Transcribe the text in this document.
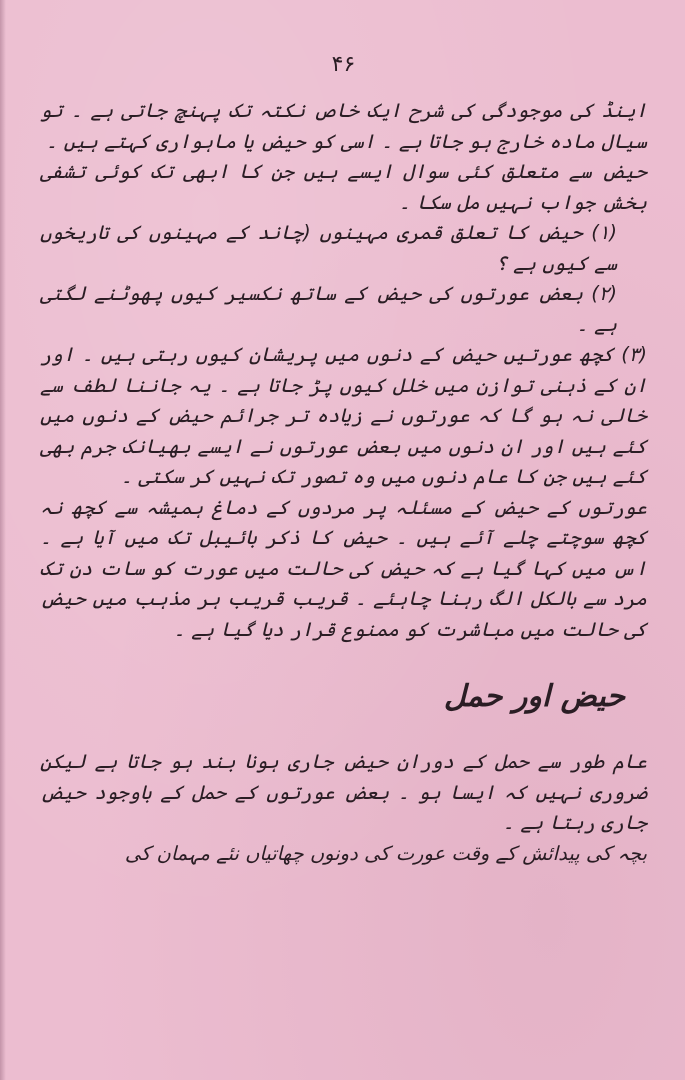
۴۶

اینڈ کی موجودگی کی شرح ایک خاص نکتہ تک پہنچ جاتی ہے ۔ تو سیال مادہ خارج ہو جاتا ہے ۔ اسی کو حیض یا ماہواری کہتے ہیں ۔

حیض سے متعلق کئی سوال ایسے ہیں جن کا ابھی تک کوئی تشفی بخش جواب نہیں مل سکا ۔

(۱) حیض کا تعلق قمری مہینوں (چاند کے مہینوں کی تاریخوں سے کیوں ہے ؟

(۲) بعض عورتوں کی حیض کے ساتھ نکسیر کیوں پھوٹنے لگتی ہے ۔

(۳) کچھ عورتیں حیض کے دنوں میں پریشان کیوں رہتی ہیں ۔ اور ان کے ذہنی توازن میں خلل کیوں پڑ جاتا ہے ۔ یہ جاننا لطف سے خالی نہ ہو گا کہ عورتوں نے زیادہ تر جرائم حیض کے دنوں میں کئے ہیں اور ان دنوں میں بعض عورتوں نے ایسے بھیانک جرم بھی کئے ہیں جن کا عام دنوں میں وہ تصور تک نہیں کر سکتی ۔

عورتوں کے حیض کے مسئلہ پر مردوں کے دماغ ہمیشہ سے کچھ نہ کچھ سوچتے چلے آئے ہیں ۔ حیض کا ذکر بائیبل تک میں آیا ہے ۔ اس میں کہا گیا ہے کہ حیض کی حالت میں عورت کو سات دن تک مرد سے بالکل الگ رہنا چاہئے ۔ قریب قریب ہر مذہب میں حیض کی حالت میں مباشرت کو ممنوع قرار دیا گیا ہے ۔

حیض اور حمل

عام طور سے حمل کے دوران حیض جاری ہونا بند ہو جاتا ہے لیکن ضروری نہیں کہ ایسا ہو ۔ بعض عورتوں کے حمل کے باوجود حیض جاری رہتا ہے ۔

بچہ کی پیدائش کے وقت عورت کی دونوں چھاتیاں نئے مہمان کی
